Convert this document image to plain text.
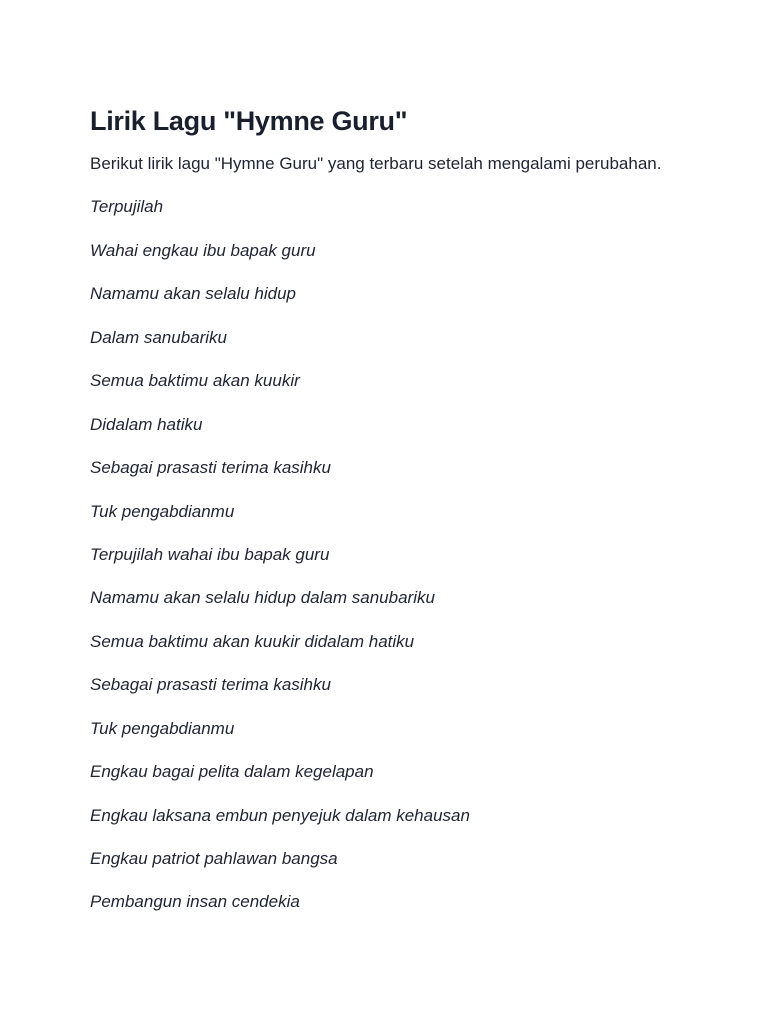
Lirik Lagu "Hymne Guru"

Berikut lirik lagu "Hymne Guru" yang terbaru setelah mengalami perubahan.

Terpujilah
Wahai engkau ibu bapak guru
Namamu akan selalu hidup
Dalam sanubariku
Semua baktimu akan kuukir
Didalam hatiku
Sebagai prasasti terima kasihku
Tuk pengabdianmu
Terpujilah wahai ibu bapak guru
Namamu akan selalu hidup dalam sanubariku
Semua baktimu akan kuukir didalam hatiku
Sebagai prasasti terima kasihku
Tuk pengabdianmu
Engkau bagai pelita dalam kegelapan
Engkau laksana embun penyejuk dalam kehausan
Engkau patriot pahlawan bangsa
Pembangun insan cendekia
